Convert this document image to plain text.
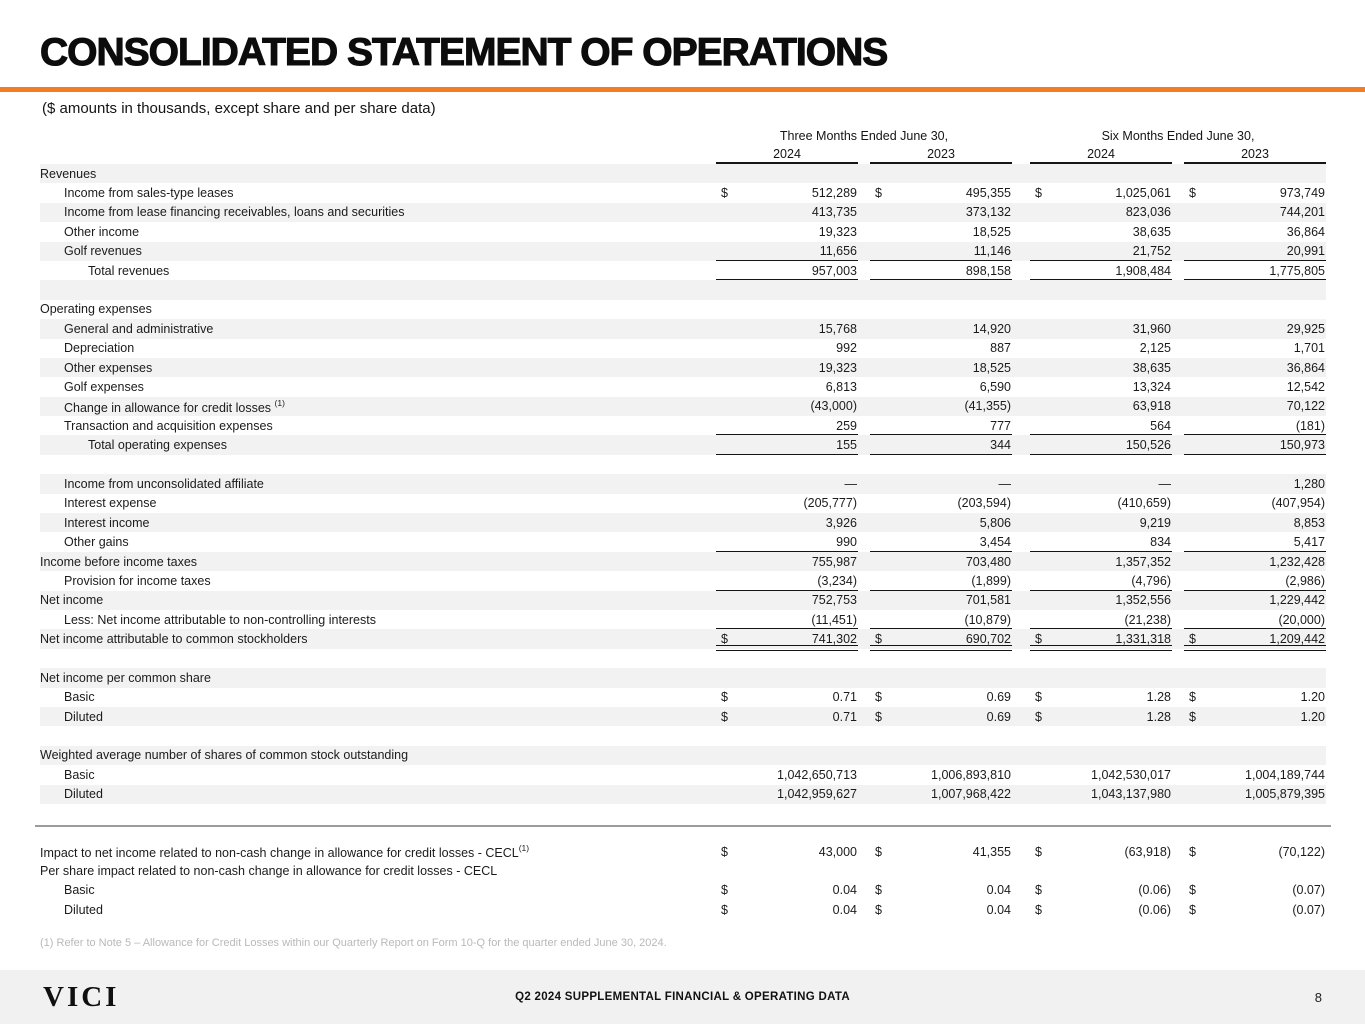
CONSOLIDATED STATEMENT OF OPERATIONS
($ amounts in thousands, except share and per share data)
Three Months Ended June 30,	Six Months Ended June 30,
2024	2023	2024	2023
Revenues
Income from sales-type leases	$	512,289	$	495,355	$	1,025,061	$	973,749
Income from lease financing receivables, loans and securities	413,735	373,132	823,036	744,201
Other income	19,323	18,525	38,635	36,864
Golf revenues	11,656	11,146	21,752	20,991
Total revenues	957,003	898,158	1,908,484	1,775,805
Operating expenses
General and administrative	15,768	14,920	31,960	29,925
Depreciation	992	887	2,125	1,701
Other expenses	19,323	18,525	38,635	36,864
Golf expenses	6,813	6,590	13,324	12,542
Change in allowance for credit losses $^{(1)}$	(43,000)	(41,355)	63,918	70,122
Transaction and acquisition expenses	259	777	564	(181)
Total operating expenses	155	344	150,526	150,973
Income from unconsolidated affiliate	—	—	—	1,280
Interest expense	(205,777)	(203,594)	(410,659)	(407,954)
Interest income	3,926	5,806	9,219	8,853
Other gains	990	3,454	834	5,417
Income before income taxes	755,987	703,480	1,357,352	1,232,428
Provision for income taxes	(3,234)	(1,899)	(4,796)	(2,986)
Net income	752,753	701,581	1,352,556	1,229,442
Less: Net income attributable to non-controlling interests	(11,451)	(10,879)	(21,238)	(20,000)
Net income attributable to common stockholders	$	741,302	$	690,702	$	1,331,318	$	1,209,442
Net income per common share
Basic	$	0.71	$	0.69	$	1.28	$	1.20
Diluted	$	0.71	$	0.69	$	1.28	$	1.20
Weighted average number of shares of common stock outstanding
Basic	1,042,650,713	1,006,893,810	1,042,530,017	1,004,189,744
Diluted	1,042,959,627	1,007,968,422	1,043,137,980	1,005,879,395
Impact to net income related to non-cash change in allowance for credit losses - CECL$^{(1)}$	$	43,000	$	41,355	$	(63,918)	$	(70,122)
Per share impact related to non-cash change in allowance for credit losses - CECL
Basic	$	0.04	$	0.04	$	(0.06)	$	(0.07)
Diluted	$	0.04	$	0.04	$	(0.06)	$	(0.07)
(1) Refer to Note 5 – Allowance for Credit Losses within our Quarterly Report on Form 10-Q for the quarter ended June 30, 2024.
VICI	Q2 2024 SUPPLEMENTAL FINANCIAL & OPERATING DATA	8
